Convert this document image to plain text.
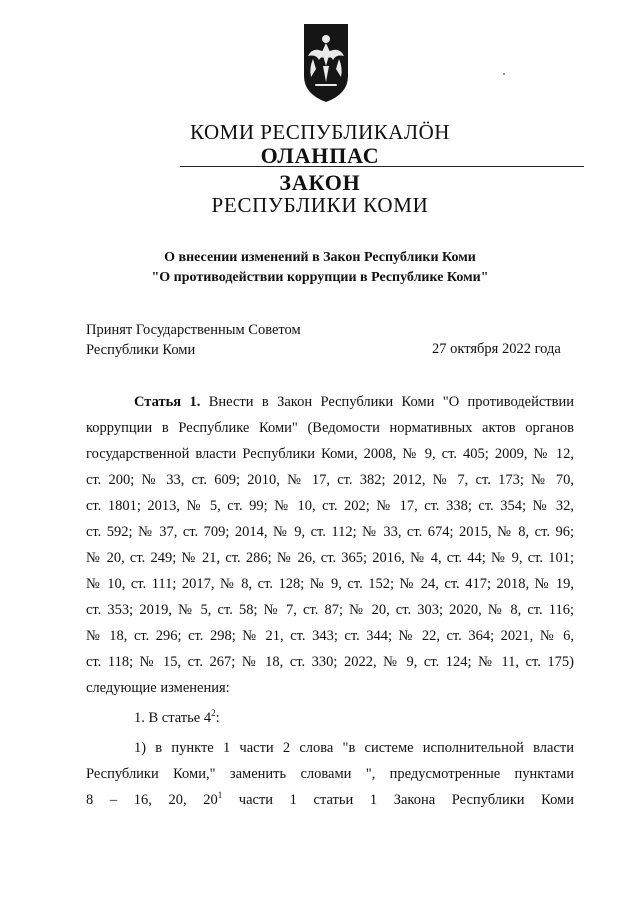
КОМИ РЕСПУБЛИКАЛӦН
ОЛАНПАС
ЗАКОН
РЕСПУБЛИКИ КОМИ
О внесении изменений в Закон Республики Коми
"О противодействии коррупции в Республике Коми"
Принят Государственным Советом
Республики Коми	27 октября 2022 года
Статья 1. Внести в Закон Республики Коми "О противодействии
коррупции в Республике Коми" (Ведомости нормативных актов органов
государственной власти Республики Коми, 2008, № 9, ст. 405; 2009, № 12,
ст. 200; № 33, ст. 609; 2010, № 17, ст. 382; 2012, № 7, ст. 173; № 70,
ст. 1801; 2013, № 5, ст. 99; № 10, ст. 202; № 17, ст. 338; ст. 354; № 32,
ст. 592; № 37, ст. 709; 2014, № 9, ст. 112; № 33, ст. 674; 2015, № 8, ст. 96;
№ 20, ст. 249; № 21, ст. 286; № 26, ст. 365; 2016, № 4, ст. 44; № 9, ст. 101;
№ 10, ст. 111; 2017, № 8, ст. 128; № 9, ст. 152; № 24, ст. 417; 2018, № 19,
ст. 353; 2019, № 5, ст. 58; № 7, ст. 87; № 20, ст. 303; 2020, № 8, ст. 116;
№ 18, ст. 296; ст. 298; № 21, ст. 343; ст. 344; № 22, ст. 364; 2021, № 6,
ст. 118; № 15, ст. 267; № 18, ст. 330; 2022, № 9, ст. 124; № 11, ст. 175)
следующие изменения:
1. В статье $4^2$:
1) в пункте 1 части 2 слова "в системе исполнительной власти
Республики Коми," заменить словами ", предусмотренные пунктами
8 – 16, 20, $20^1$ части 1 статьи 1 Закона Республики Коми
